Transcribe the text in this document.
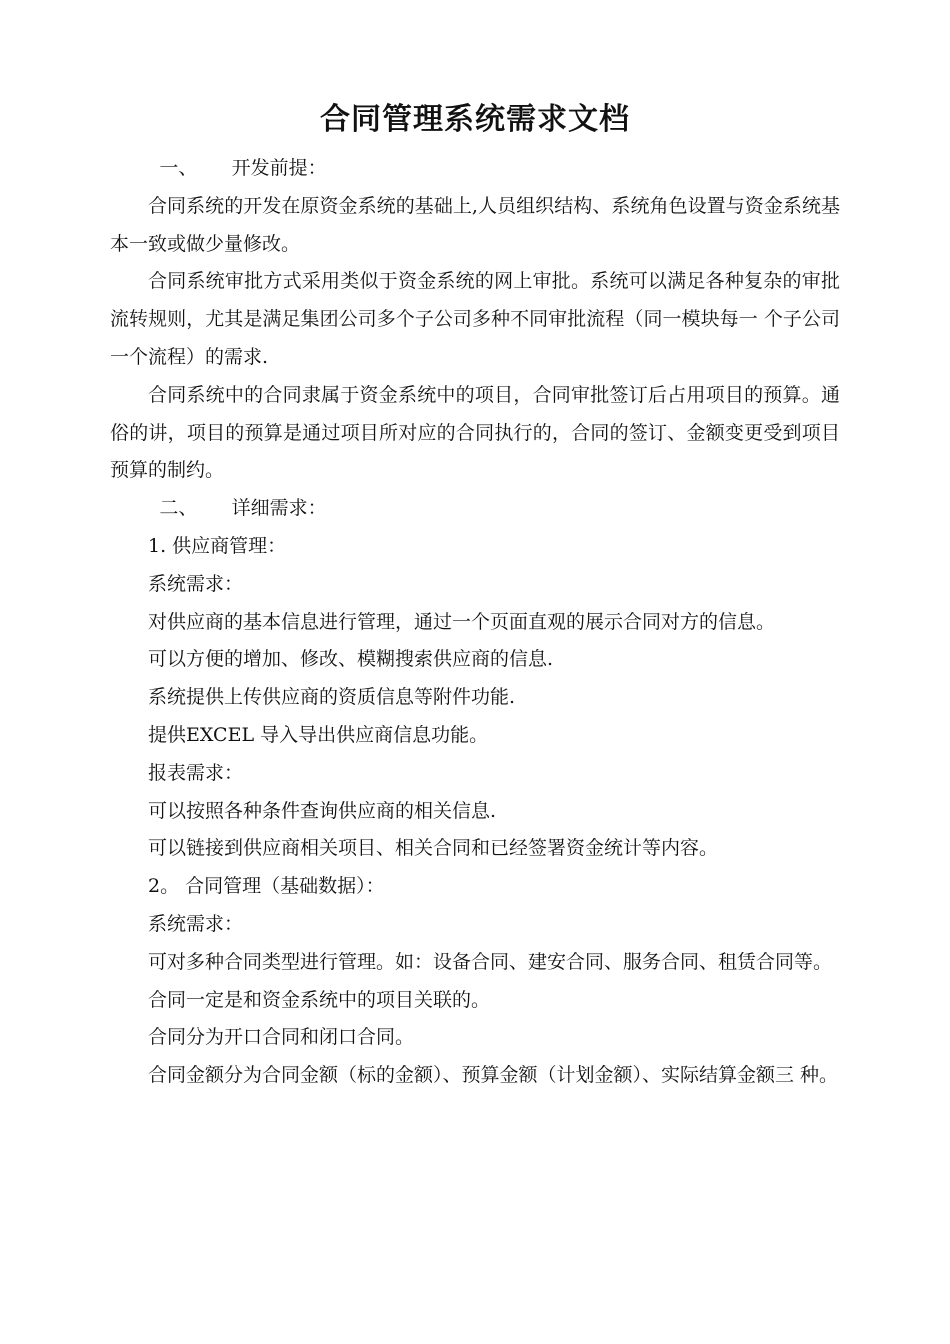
合同管理系统需求文档

一、 开发前提：

合同系统的开发在原资金系统的基础上,人员组织结构、系统角色设置与资金系统基本一致或做少量修改。

合同系统审批方式采用类似于资金系统的网上审批。系统可以满足各种复杂的审批流转规则，尤其是满足集团公司多个子公司多种不同审批流程（同一模块每一 个子公司一个流程）的需求.

合同系统中的合同隶属于资金系统中的项目，合同审批签订后占用项目的预算。通俗的讲，项目的预算是通过项目所对应的合同执行的，合同的签订、金额变更受到项目预算的制约。

二、 详细需求：

1. 供应商管理：

系统需求：

对供应商的基本信息进行管理，通过一个页面直观的展示合同对方的信息。

可以方便的增加、修改、模糊搜索供应商的信息.

系统提供上传供应商的资质信息等附件功能.

提供EXCEL 导入导出供应商信息功能。

报表需求：

可以按照各种条件查询供应商的相关信息.

可以链接到供应商相关项目、相关合同和已经签署资金统计等内容。

2。 合同管理（基础数据）：

系统需求：

可对多种合同类型进行管理。如：设备合同、建安合同、服务合同、租赁合同等。

合同一定是和资金系统中的项目关联的。

合同分为开口合同和闭口合同。

合同金额分为合同金额（标的金额）、预算金额（计划金额）、实际结算金额三 种。
